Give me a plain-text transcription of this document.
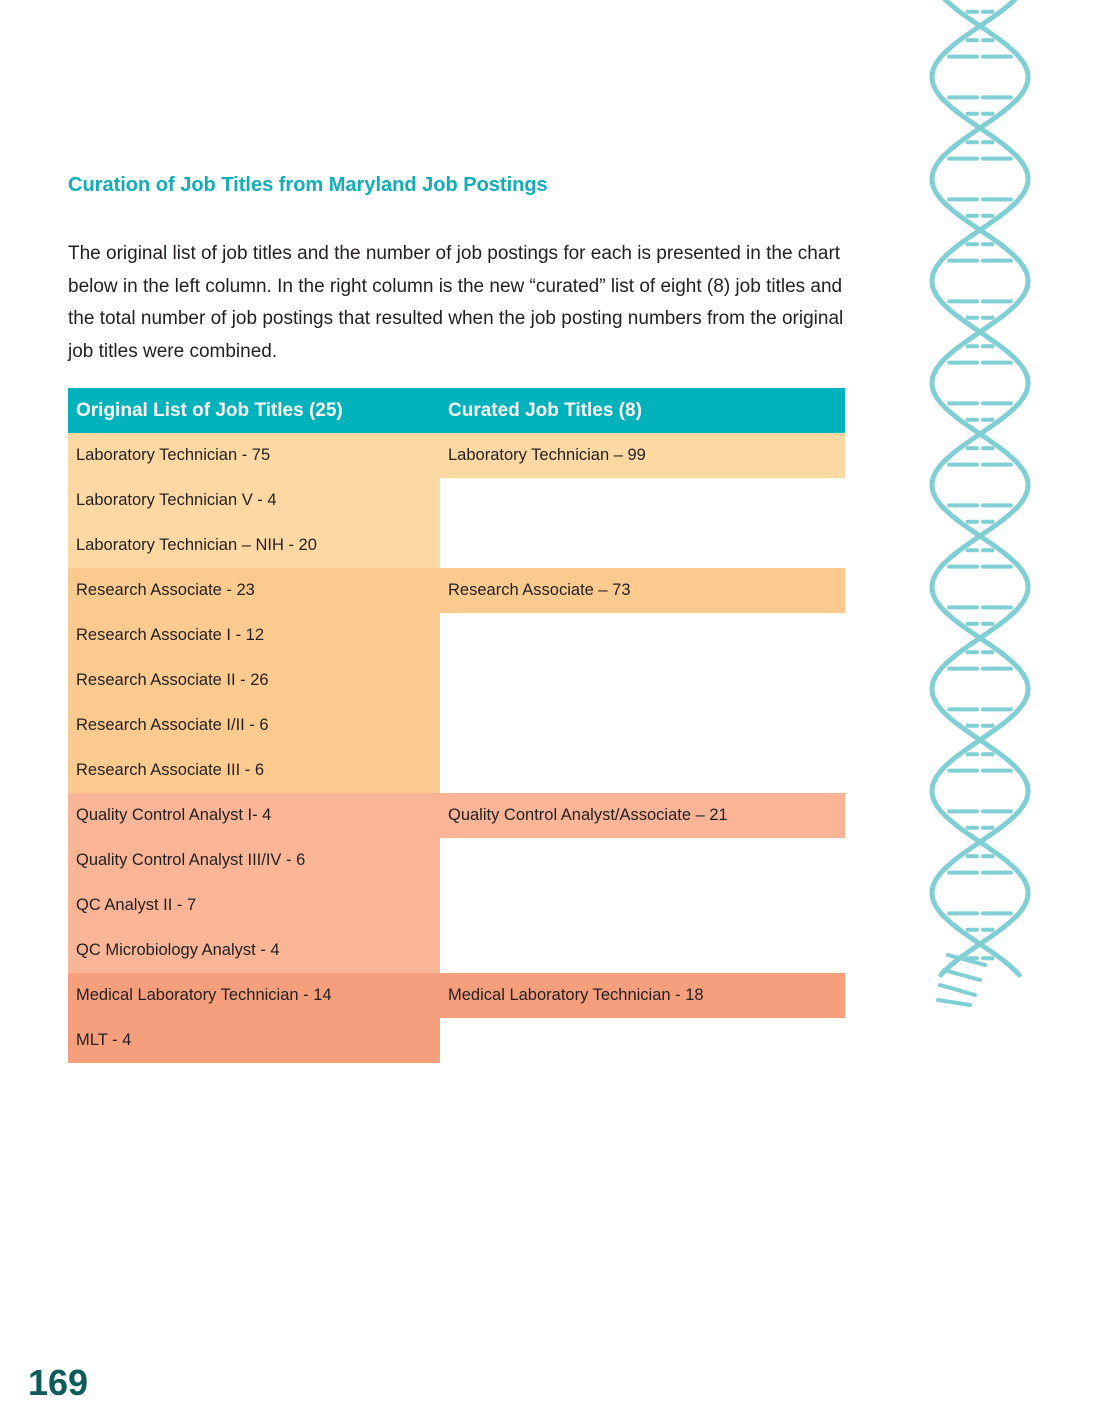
Curation of Job Titles from Maryland Job Postings

The original list of job titles and the number of job postings for each is presented in the chart below in the left column. In the right column is the new “curated” list of eight (8) job titles and the total number of job postings that resulted when the job posting numbers from the original job titles were combined.

Original List of Job Titles (25)	Curated Job Titles (8)
Laboratory Technician - 75	Laboratory Technician – 99
Laboratory Technician V - 4	
Laboratory Technician – NIH - 20	
Research Associate - 23	Research Associate – 73
Research Associate I - 12	
Research Associate II - 26	
Research Associate I/II - 6	
Research Associate III - 6	
Quality Control Analyst I- 4	Quality Control Analyst/Associate – 21
Quality Control Analyst III/IV - 6	
QC Analyst II - 7	
QC Microbiology Analyst - 4	
Medical Laboratory Technician - 14	Medical Laboratory Technician - 18
MLT - 4	
169
